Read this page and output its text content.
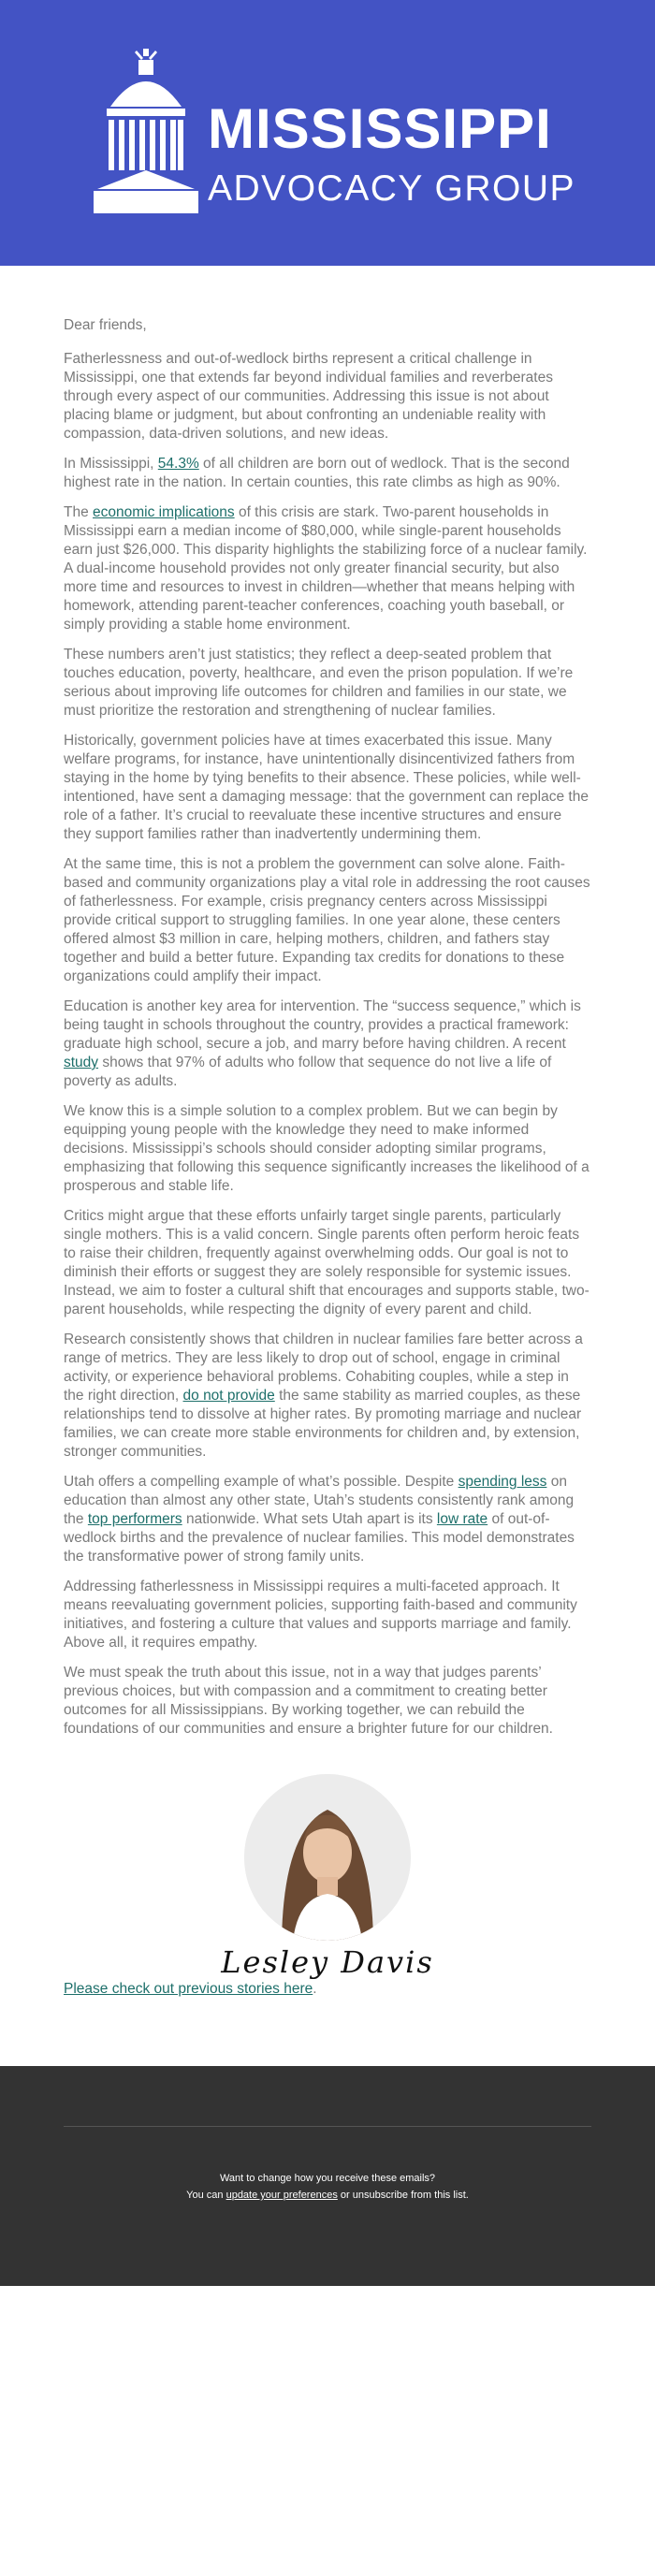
MISSISSIPPI
ADVOCACY GROUP

Dear friends,

Fatherlessness and out-of-wedlock births represent a critical challenge in Mississippi, one that extends far beyond individual families and reverberates through every aspect of our communities. Addressing this issue is not about placing blame or judgment, but about confronting an undeniable reality with compassion, data-driven solutions, and new ideas.

In Mississippi, 54.3% of all children are born out of wedlock. That is the second highest rate in the nation. In certain counties, this rate climbs as high as 90%.

The economic implications of this crisis are stark. Two-parent households in Mississippi earn a median income of $80,000, while single-parent households earn just $26,000. This disparity highlights the stabilizing force of a nuclear family. A dual-income household provides not only greater financial security, but also more time and resources to invest in children—whether that means helping with homework, attending parent-teacher conferences, coaching youth baseball, or simply providing a stable home environment.

These numbers aren’t just statistics; they reflect a deep-seated problem that touches education, poverty, healthcare, and even the prison population. If we’re serious about improving life outcomes for children and families in our state, we must prioritize the restoration and strengthening of nuclear families.

Historically, government policies have at times exacerbated this issue. Many welfare programs, for instance, have unintentionally disincentivized fathers from staying in the home by tying benefits to their absence. These policies, while well-intentioned, have sent a damaging message: that the government can replace the role of a father. It’s crucial to reevaluate these incentive structures and ensure they support families rather than inadvertently undermining them.

At the same time, this is not a problem the government can solve alone. Faith-based and community organizations play a vital role in addressing the root causes of fatherlessness. For example, crisis pregnancy centers across Mississippi provide critical support to struggling families. In one year alone, these centers offered almost $3 million in care, helping mothers, children, and fathers stay together and build a better future. Expanding tax credits for donations to these organizations could amplify their impact.

Education is another key area for intervention. The “success sequence,” which is being taught in schools throughout the country, provides a practical framework: graduate high school, secure a job, and marry before having children. A recent study shows that 97% of adults who follow that sequence do not live a life of poverty as adults.

We know this is a simple solution to a complex problem. But we can begin by equipping young people with the knowledge they need to make informed decisions. Mississippi’s schools should consider adopting similar programs, emphasizing that following this sequence significantly increases the likelihood of a prosperous and stable life.

Critics might argue that these efforts unfairly target single parents, particularly single mothers. This is a valid concern. Single parents often perform heroic feats to raise their children, frequently against overwhelming odds. Our goal is not to diminish their efforts or suggest they are solely responsible for systemic issues. Instead, we aim to foster a cultural shift that encourages and supports stable, two-parent households, while respecting the dignity of every parent and child.

Research consistently shows that children in nuclear families fare better across a range of metrics. They are less likely to drop out of school, engage in criminal activity, or experience behavioral problems. Cohabiting couples, while a step in the right direction, do not provide the same stability as married couples, as these relationships tend to dissolve at higher rates. By promoting marriage and nuclear families, we can create more stable environments for children and, by extension, stronger communities.

Utah offers a compelling example of what’s possible. Despite spending less on education than almost any other state, Utah’s students consistently rank among the top performers nationwide. What sets Utah apart is its low rate of out-of-wedlock births and the prevalence of nuclear families. This model demonstrates the transformative power of strong family units.

Addressing fatherlessness in Mississippi requires a multi-faceted approach. It means reevaluating government policies, supporting faith-based and community initiatives, and fostering a culture that values and supports marriage and family. Above all, it requires empathy.

We must speak the truth about this issue, not in a way that judges parents’ previous choices, but with compassion and a commitment to creating better outcomes for all Mississippians. By working together, we can rebuild the foundations of our communities and ensure a brighter future for our children.

Lesley Davis

Please check out previous stories here.

Want to change how you receive these emails?
You can update your preferences or unsubscribe from this list.
